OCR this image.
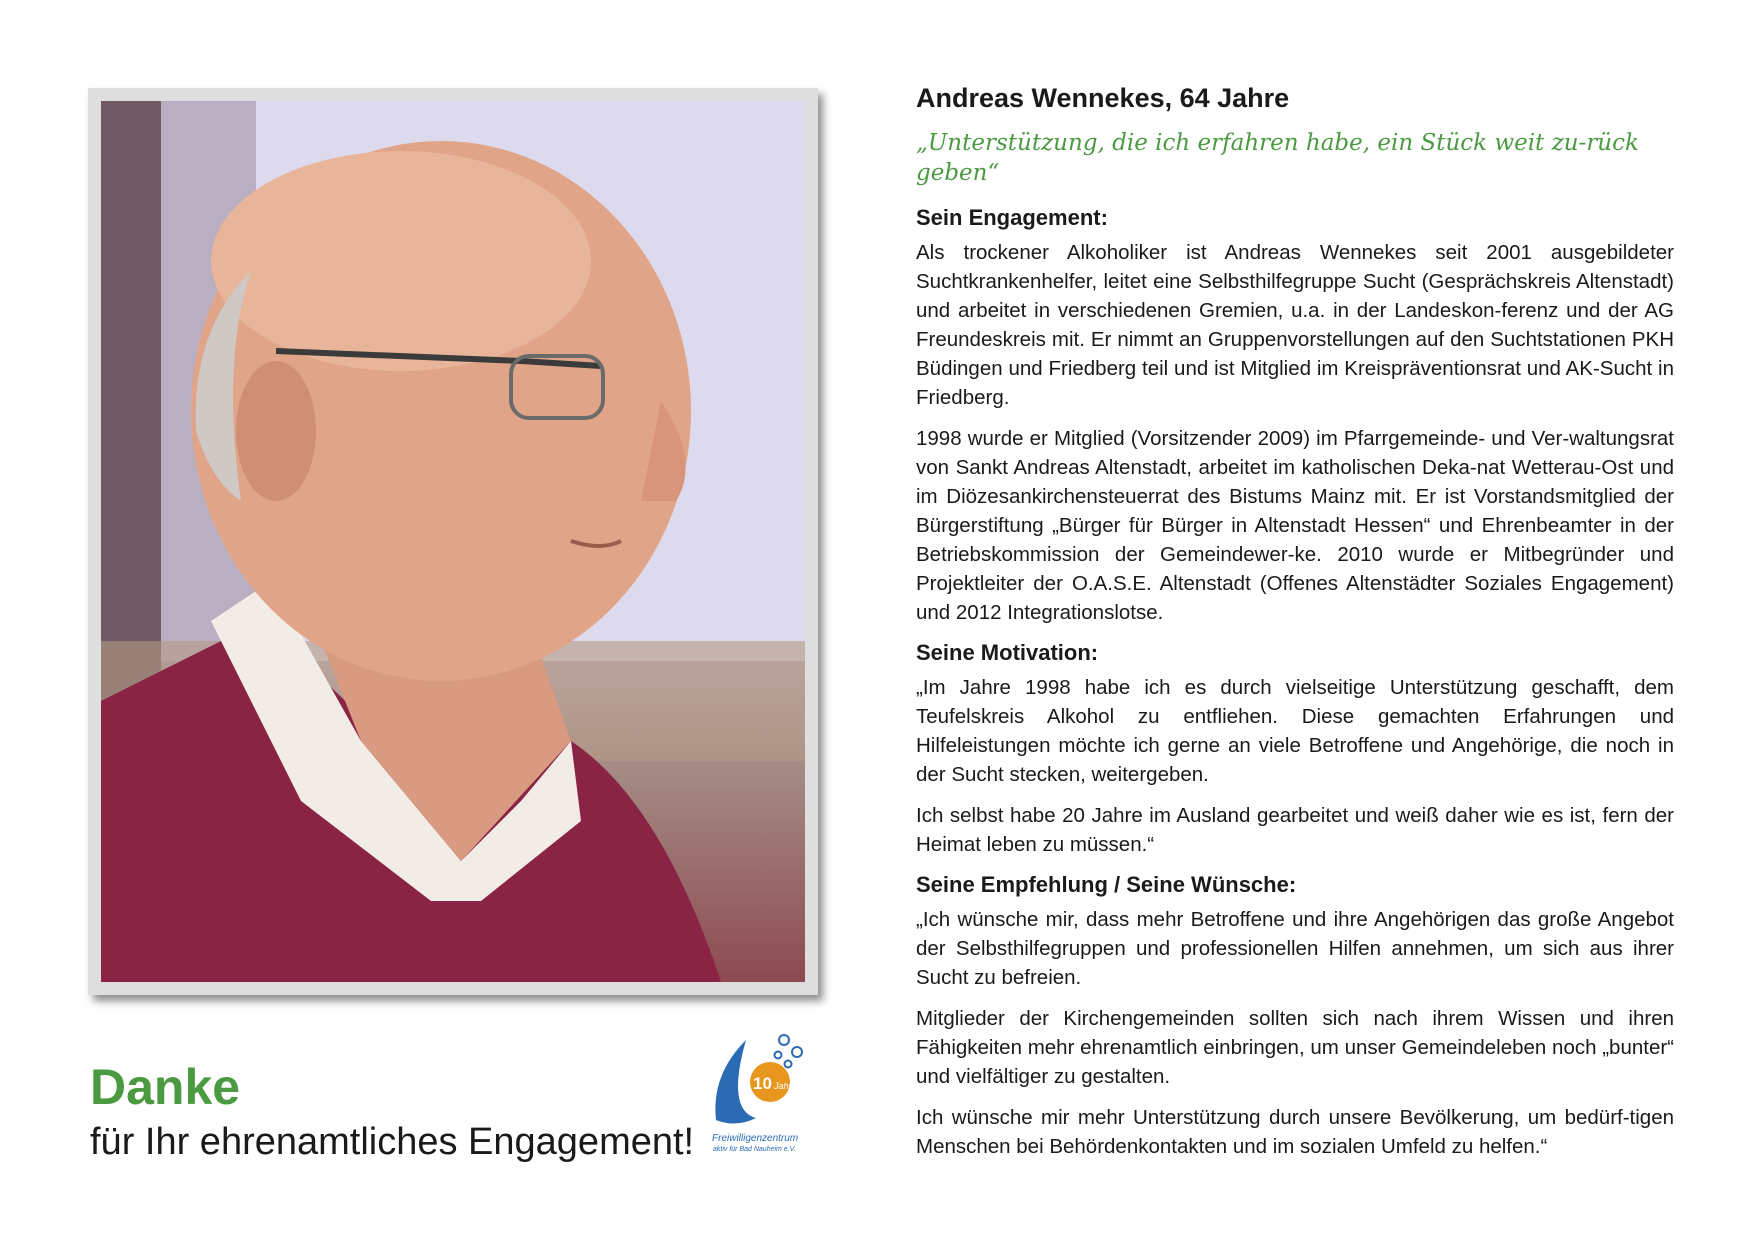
Andreas Wennekes, 64 Jahre
„Unterstützung, die ich erfahren habe, ein Stück weit zu-rück geben“
Sein Engagement:
Als trockener Alkoholiker ist Andreas Wennekes seit 2001 ausgebildeter Suchtkrankenhelfer, leitet eine Selbsthilfegruppe Sucht (Gesprächskreis Altenstadt) und arbeitet in verschiedenen Gremien, u.a. in der Landeskon-ferenz und der AG Freundeskreis mit. Er nimmt an Gruppenvorstellungen auf den Suchtstationen PKH Büdingen und Friedberg teil und ist Mitglied im Kreispräventionsrat und AK-Sucht in Friedberg.
1998 wurde er Mitglied (Vorsitzender 2009) im Pfarrgemeinde- und Ver-waltungsrat von Sankt Andreas Altenstadt, arbeitet im katholischen Deka-nat Wetterau-Ost und im Diözesankirchensteuerrat des Bistums Mainz mit. Er ist Vorstandsmitglied der Bürgerstiftung „Bürger für Bürger in Altenstadt Hessen“ und Ehrenbeamter in der Betriebskommission der Gemeindewer-ke. 2010 wurde er Mitbegründer und Projektleiter der O.A.S.E. Altenstadt (Offenes Altenstädter Soziales Engagement) und 2012 Integrationslotse.
Seine Motivation:
„Im Jahre 1998 habe ich es durch vielseitige Unterstützung geschafft, dem Teufelskreis Alkohol zu entfliehen. Diese gemachten Erfahrungen und Hilfeleistungen möchte ich gerne an viele Betroffene und Angehörige, die noch in der Sucht stecken, weitergeben.
Ich selbst habe 20 Jahre im Ausland gearbeitet und weiß daher wie es ist, fern der Heimat leben zu müssen.“
Seine Empfehlung / Seine Wünsche:
„Ich wünsche mir, dass mehr Betroffene und ihre Angehörigen das große Angebot der Selbsthilfegruppen und professionellen Hilfen annehmen, um sich aus ihrer Sucht zu befreien.
Mitglieder der Kirchengemeinden sollten sich nach ihrem Wissen und ihren Fähigkeiten mehr ehrenamtlich einbringen, um unser Gemeindeleben noch „bunter“ und vielfältiger zu gestalten.
Ich wünsche mir mehr Unterstützung durch unsere Bevölkerung, um bedürf-tigen Menschen bei Behördenkontakten und im sozialen Umfeld zu helfen.“
Danke
für Ihr ehrenamtliches Engagement!
10 Jahre
Freiwilligenzentrum
aktiv für Bad Nauheim e.V.
